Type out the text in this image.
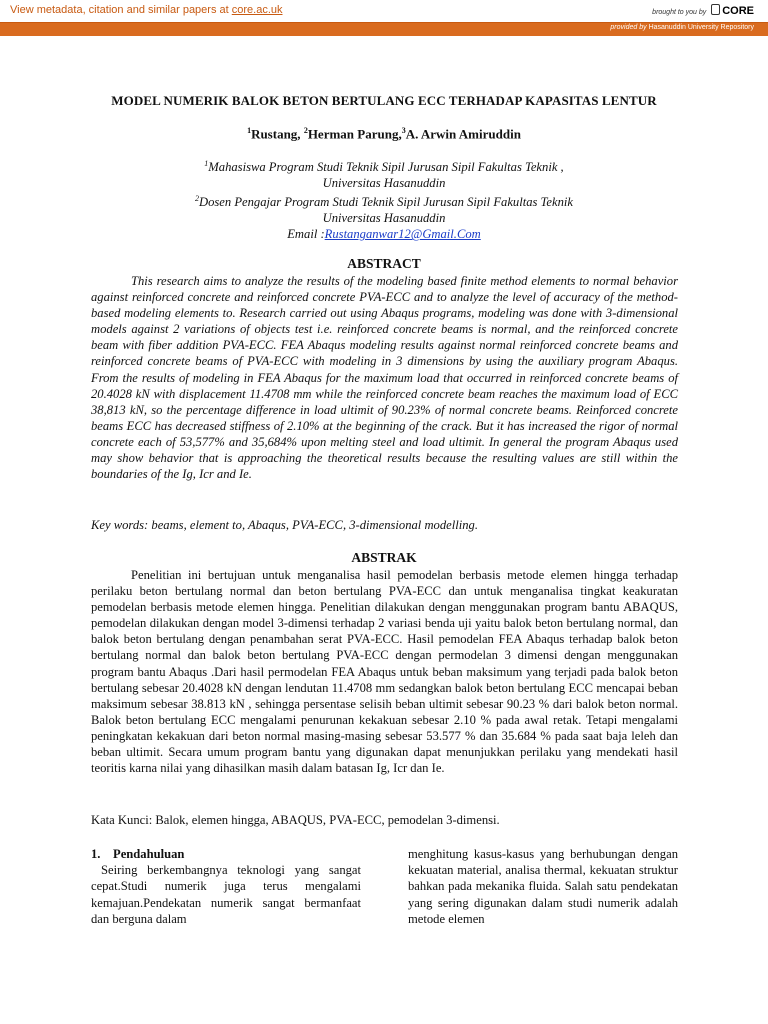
View metadata, citation and similar papers at core.ac.uk	brought to you by CORE
provided by Hasanuddin University Repository
MODEL NUMERIK BALOK BETON BERTULANG ECC TERHADAP KAPASITAS LENTUR
$^1$Rustang, $^2$Herman Parung,$^3$A. Arwin Amiruddin
$^1$Mahasiswa Program Studi Teknik Sipil Jurusan Sipil Fakultas Teknik ,
Universitas Hasanuddin
$^2$Dosen Pengajar Program Studi Teknik Sipil Jurusan Sipil Fakultas Teknik
Universitas Hasanuddin
Email :Rustanganwar12@Gmail.Com
ABSTRACT

This research aims to analyze the results of the modeling based finite method elements to normal behavior against reinforced concrete and reinforced concrete PVA-ECC and to analyze the level of accuracy of the method-based modeling elements to. Research carried out using Abaqus programs, modeling was done with 3-dimensional models against 2 variations of objects test i.e. reinforced concrete beams is normal, and the reinforced concrete beam with fiber addition PVA-ECC. FEA Abaqus modeling results against normal reinforced concrete beams and reinforced concrete beams of PVA-ECC with modeling in 3 dimensions by using the auxiliary program Abaqus. From the results of modeling in FEA Abaqus for the maximum load that occurred in reinforced concrete beams of 20.4028 kN with displacement 11.4708 mm while the reinforced concrete beam reaches the maximum load of ECC 38,813 kN, so the percentage difference in load ultimit of 90.23% of normal concrete beams. Reinforced concrete beams ECC has decreased stiffness of 2.10% at the beginning of the crack. But it has increased the rigor of normal concrete each of 53,577% and 35,684% upon melting steel and load ultimit. In general the program Abaqus used may show behavior that is approaching the theoretical results because the resulting values are still within the boundaries of the Ig, Icr and Ie.

Key words: beams, element to, Abaqus, PVA-ECC, 3-dimensional modelling.
ABSTRAK

Penelitian ini bertujuan untuk menganalisa hasil pemodelan berbasis metode elemen hingga terhadap perilaku beton bertulang normal dan beton bertulang PVA-ECC dan untuk menganalisa tingkat keakuratan pemodelan berbasis metode elemen hingga. Penelitian dilakukan dengan menggunakan program bantu ABAQUS, pemodelan dilakukan dengan model 3-dimensi terhadap 2 variasi benda uji yaitu balok beton bertulang normal, dan balok beton bertulang dengan penambahan serat PVA-ECC. Hasil pemodelan FEA Abaqus terhadap balok beton bertulang normal dan balok beton bertulang PVA-ECC dengan permodelan 3 dimensi dengan menggunakan program bantu Abaqus .Dari hasil permodelan FEA Abaqus untuk beban maksimum yang terjadi pada balok beton bertulang sebesar 20.4028 kN dengan lendutan 11.4708 mm sedangkan balok beton bertulang ECC mencapai beban maksimum sebesar 38.813 kN , sehingga persentase selisih beban ultimit sebesar 90.23 % dari balok beton normal. Balok beton bertulang ECC mengalami penurunan kekakuan sebesar 2.10 % pada awal retak. Tetapi mengalami peningkatan kekakuan dari beton normal masing-masing sebesar 53.577 % dan 35.684 % pada saat baja leleh dan beban ultimit. Secara umum program bantu yang digunakan dapat menunjukkan perilaku yang mendekati hasil teoritis karna nilai yang dihasilkan masih dalam batasan Ig, Icr dan Ie.

Kata Kunci: Balok, elemen hingga, ABAQUS, PVA-ECC, pemodelan 3-dimensi.
1. Pendahuluan

Seiring berkembangnya teknologi yang sangat cepat.Studi numerik juga terus mengalami kemajuan.Pendekatan numerik sangat bermanfaat dan berguna dalam

menghitung kasus-kasus yang berhubungan dengan kekuatan material, analisa thermal, kekuatan struktur bahkan pada mekanika fluida. Salah satu pendekatan yang sering digunakan dalam studi numerik adalah metode elemen
